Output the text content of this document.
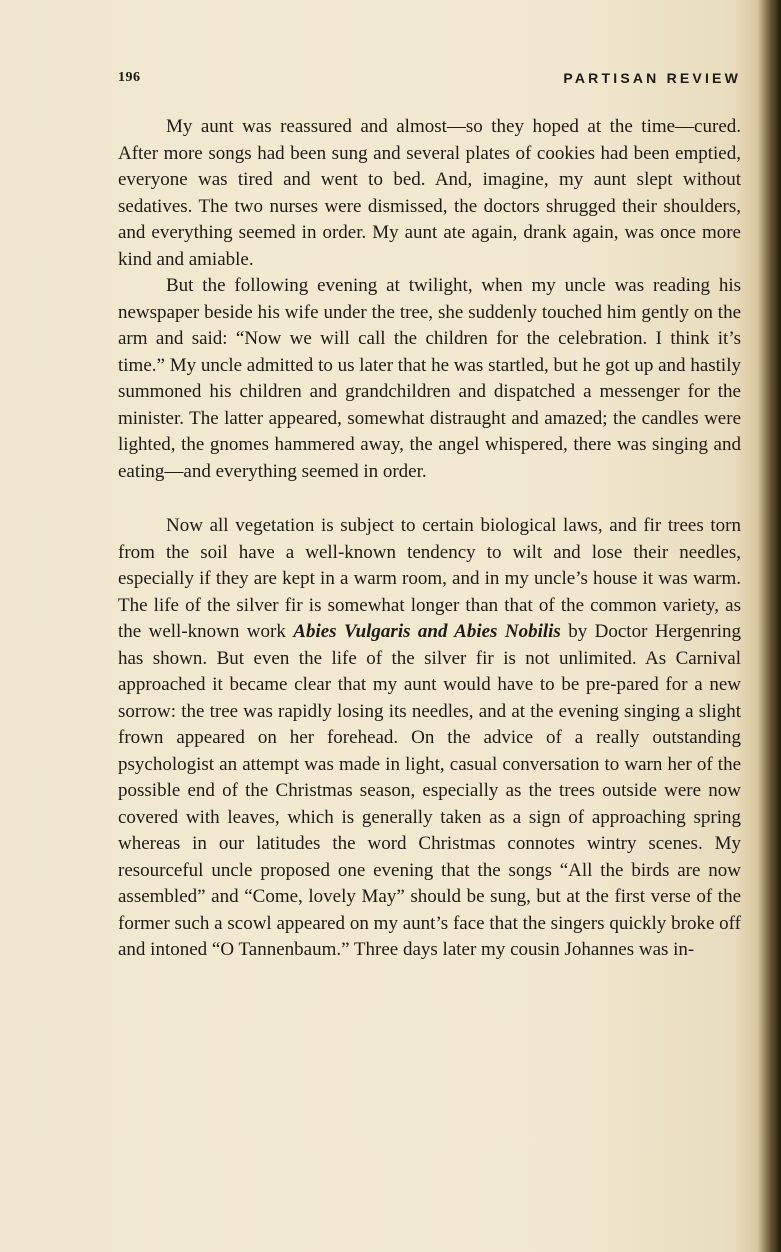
196	PARTISAN REVIEW

My aunt was reassured and almost—so they hoped at the time—cured. After more songs had been sung and several plates of cookies had been emptied, everyone was tired and went to bed. And, imagine, my aunt slept without sedatives. The two nurses were dismissed, the doctors shrugged their shoulders, and everything seemed in order. My aunt ate again, drank again, was once more kind and amiable.

But the following evening at twilight, when my uncle was reading his newspaper beside his wife under the tree, she suddenly touched him gently on the arm and said: “Now we will call the children for the celebration. I think it’s time.” My uncle admitted to us later that he was startled, but he got up and hastily summoned his children and grandchildren and dispatched a messenger for the minister. The latter appeared, somewhat distraught and amazed; the candles were lighted, the gnomes hammered away, the angel whispered, there was singing and eating—and everything seemed in order.

Now all vegetation is subject to certain biological laws, and fir trees torn from the soil have a well-known tendency to wilt and lose their needles, especially if they are kept in a warm room, and in my uncle’s house it was warm. The life of the silver fir is somewhat longer than that of the common variety, as the well-known work Abies Vulgaris and Abies Nobilis by Doctor Hergenring has shown. But even the life of the silver fir is not unlimited. As Carnival approached it became clear that my aunt would have to be pre-pared for a new sorrow: the tree was rapidly losing its needles, and at the evening singing a slight frown appeared on her forehead. On the advice of a really outstanding psychologist an attempt was made in light, casual conversation to warn her of the possible end of the Christmas season, especially as the trees outside were now covered with leaves, which is generally taken as a sign of approaching spring whereas in our latitudes the word Christmas connotes wintry scenes. My resourceful uncle proposed one evening that the songs “All the birds are now assembled” and “Come, lovely May” should be sung, but at the first verse of the former such a scowl appeared on my aunt’s face that the singers quickly broke off and intoned “O Tannenbaum.” Three days later my cousin Johannes was in-
